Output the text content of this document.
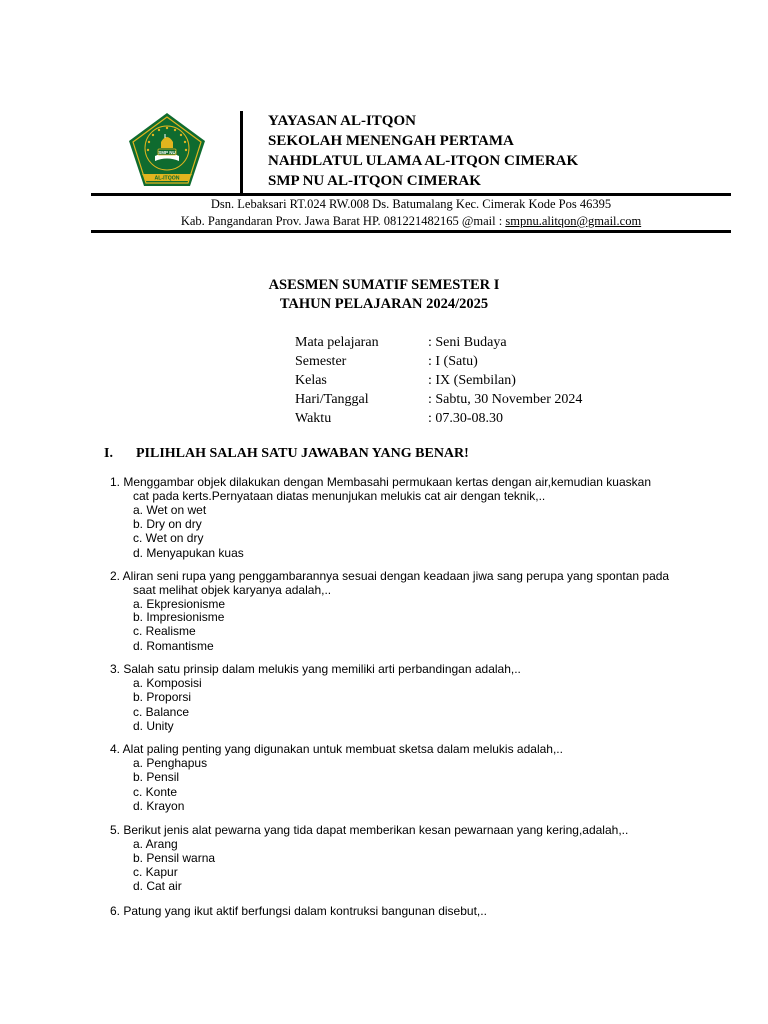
SMP NU
AL-ITQON
YAYASAN AL-ITQON
SEKOLAH MENENGAH PERTAMA
NAHDLATUL ULAMA AL-ITQON CIMERAK
SMP NU AL-ITQON CIMERAK
Dsn. Lebaksari RT.024 RW.008 Ds. Batumalang Kec. Cimerak Kode Pos 46395
Kab. Pangandaran Prov. Jawa Barat HP. 081221482165 @mail : smpnu.alitqon@gmail.com
ASESMEN SUMATIF SEMESTER I
TAHUN PELAJARAN 2024/2025
Mata pelajaran	: Seni Budaya
Semester	: I (Satu)
Kelas	: IX (Sembilan)
Hari/Tanggal	: Sabtu, 30 November 2024
Waktu	: 07.30-08.30
I. PILIHLAH SALAH SATU JAWABAN YANG BENAR!
1. Menggambar objek dilakukan dengan Membasahi permukaan kertas dengan air,kemudian kuaskan
cat pada kerts.Pernyataan diatas menunjukan melukis cat air dengan teknik,..
a. Wet on wet
b. Dry on dry
c. Wet on dry
d. Menyapukan kuas
2. Aliran seni rupa yang penggambarannya sesuai dengan keadaan jiwa sang perupa yang spontan pada
saat melihat objek karyanya adalah,..
a. Ekpresionisme
b. Impresionisme
c. Realisme
d. Romantisme
3. Salah satu prinsip dalam melukis yang memiliki arti perbandingan adalah,..
a. Komposisi
b. Proporsi
c. Balance
d. Unity
4. Alat paling penting yang digunakan untuk membuat sketsa dalam melukis adalah,..
a. Penghapus
b. Pensil
c. Konte
d. Krayon
5. Berikut jenis alat pewarna yang tida dapat memberikan kesan pewarnaan yang kering,adalah,..
a. Arang
b. Pensil warna
c. Kapur
d. Cat air
6. Patung yang ikut aktif berfungsi dalam kontruksi bangunan disebut,..
